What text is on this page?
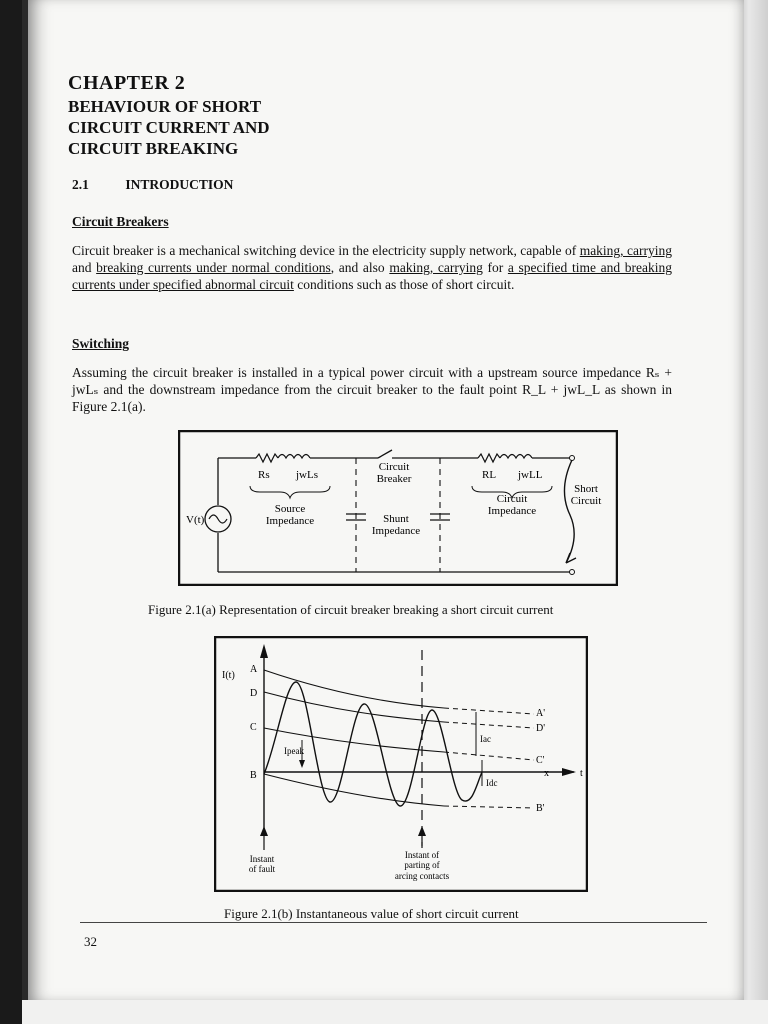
CHAPTER 2
BEHAVIOUR OF SHORT
CIRCUIT CURRENT AND
CIRCUIT BREAKING
2.1	INTRODUCTION
Circuit Breakers
Circuit breaker is a mechanical switching device in the electricity supply network, capable of making, carrying and breaking currents under normal conditions, and also making, carrying for a specified time and breaking currents under specified abnormal circuit conditions such as those of short circuit.
Switching
Assuming the circuit breaker is installed in a typical power circuit with a upstream source impedance Rₛ + jwLₛ and the downstream impedance from the circuit breaker to the fault point R_L + jwL_L as shown in Figure 2.1(a).
V(t)
Rs jwLs
Source
Impedance
Circuit
Breaker
Shunt
Impedance
RL jwLL
Circuit
Impedance
Short
Circuit
Figure 2.1(a) Representation of circuit breaker breaking a short circuit current
I(t)
t
x
A
D
C
B
A'
D'
C'
B'
Ipeak
Iac
Idc
Instant
of fault
Instant of
parting of
arcing contacts
Figure 2.1(b) Instantaneous value of short circuit current
32
